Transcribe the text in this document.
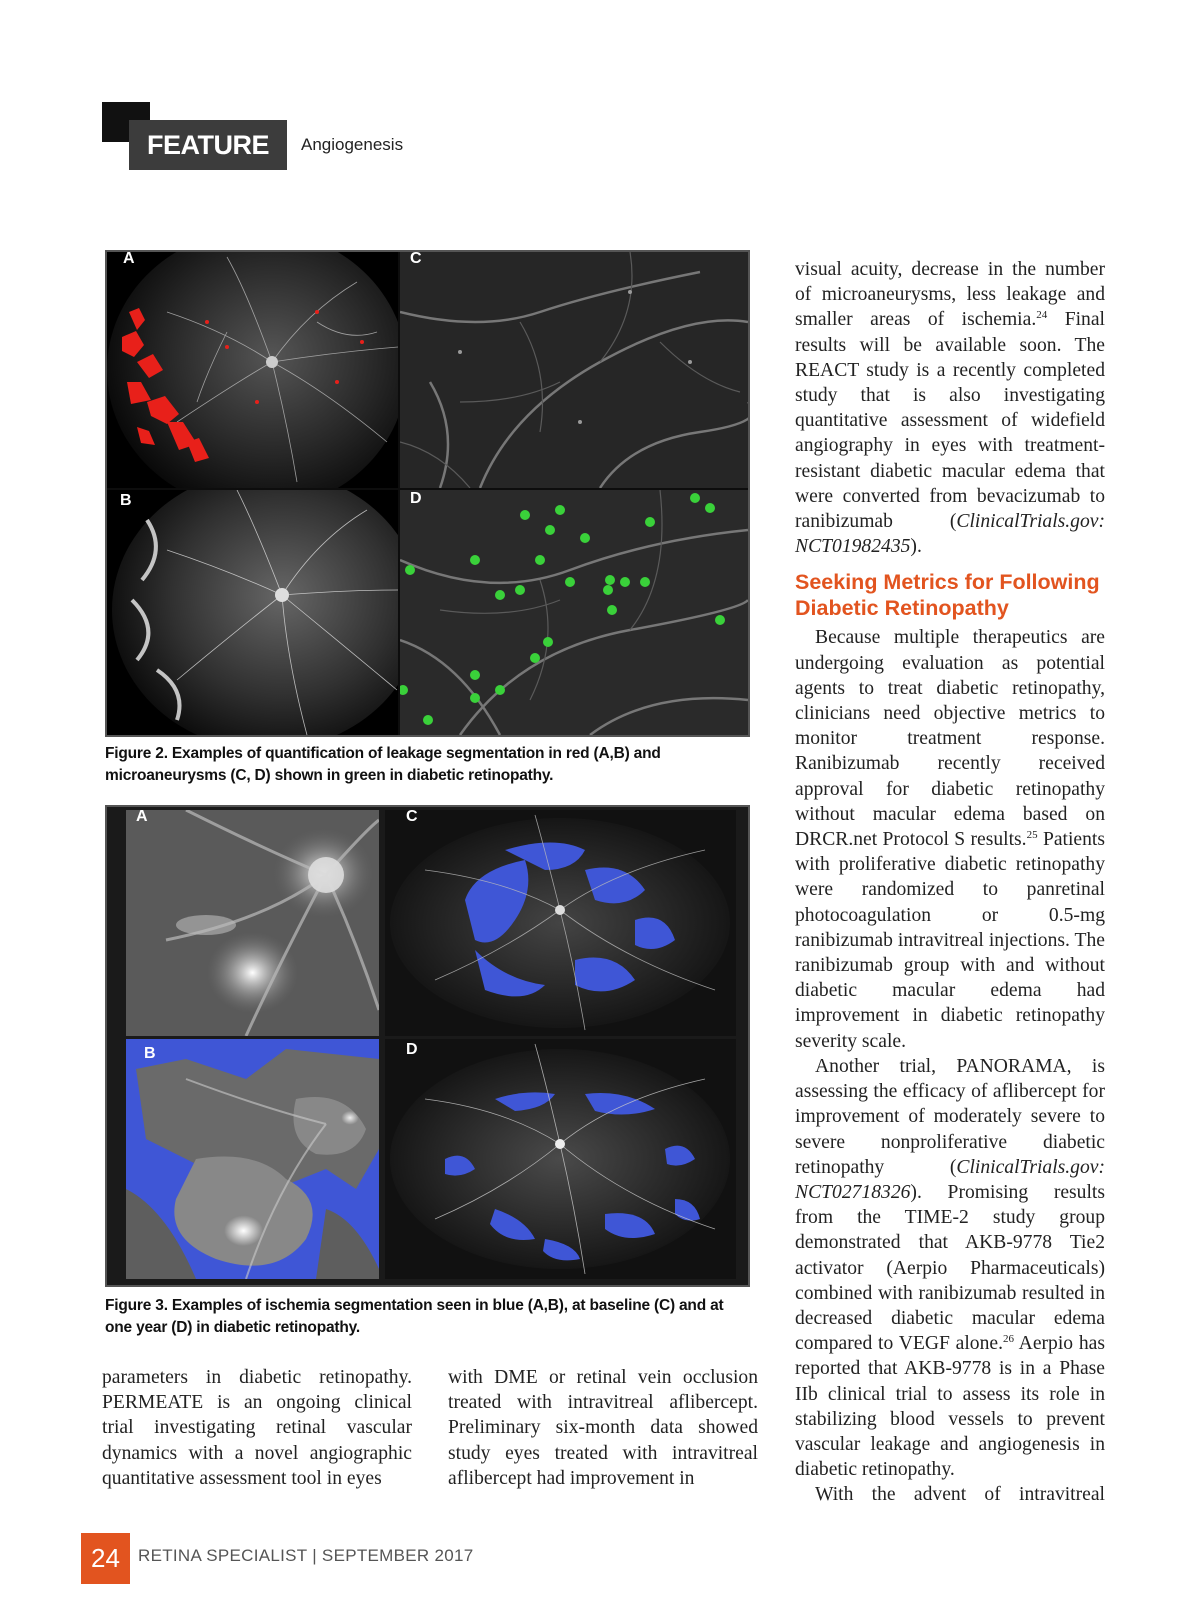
FEATURE	Angiogenesis
A
B
C
D
Figure 2. Examples of quantification of leakage segmentation in red (A,B) and microaneurysms (C, D) shown in green in diabetic retinopathy.
A
B
C
D
Figure 3. Examples of ischemia segmentation seen in blue (A,B), at baseline (C) and at one year (D) in diabetic retinopathy.

parameters in diabetic retinopathy. PERMEATE is an ongoing clinical trial investigating retinal vascular dynamics with a novel angiographic quantitative assessment tool in eyes

with DME or retinal vein occlusion treated with intravitreal aflibercept. Preliminary six-month data showed study eyes treated with intravitreal aflibercept had improvement in

visual acuity, decrease in the number of microaneurysms, less leakage and smaller areas of ischemia.$^{24}$ Final results will be available soon. The REACT study is a recently completed study that is also investigating quantitative assessment of widefield angiography in eyes with treatment-resistant diabetic macular edema that were converted from bevacizumab to ranibizumab (ClinicalTrials.gov: NCT01982435).

Seeking Metrics for Following Diabetic Retinopathy

Because multiple therapeutics are undergoing evaluation as potential agents to treat diabetic retinopathy, clinicians need objective metrics to monitor treatment response. Ranibizumab recently received approval for diabetic retinopathy without macular edema based on DRCR.net Protocol S results.$^{25}$ Patients with proliferative diabetic retinopathy were randomized to panretinal photocoagulation or 0.5-mg ranibizumab intravitreal injections. The ranibizumab group with and without diabetic macular edema had improvement in diabetic retinopathy severity scale.

Another trial, PANORAMA, is assessing the efficacy of aflibercept for improvement of moderately severe to severe nonproliferative diabetic retinopathy (ClinicalTrials.gov: NCT02718326). Promising results from the TIME-2 study group demonstrated that AKB-9778 Tie2 activator (Aerpio Pharmaceuticals) combined with ranibizumab resulted in decreased diabetic macular edema compared to VEGF alone.$^{26}$ Aerpio has reported that AKB-9778 is in a Phase IIb clinical trial to assess its role in stabilizing blood vessels to prevent vascular leakage and angiogenesis in diabetic retinopathy.

With the advent of intravitreal

24	RETINA SPECIALIST | SEPTEMBER 2017
